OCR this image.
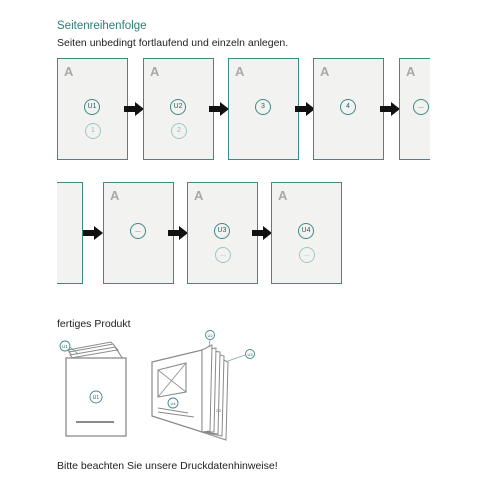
Seitenreihenfolge
Seiten unbedingt fortlaufend und einzeln anlegen.
A
U1
1
A
U2
2
A
3
A
4
A
...
A
...
A
U3
...
A
U4
...
fertiges Produkt
U1
U1
U2
U3
U4
2 3
Bitte beachten Sie unsere Druckdatenhinweise!
